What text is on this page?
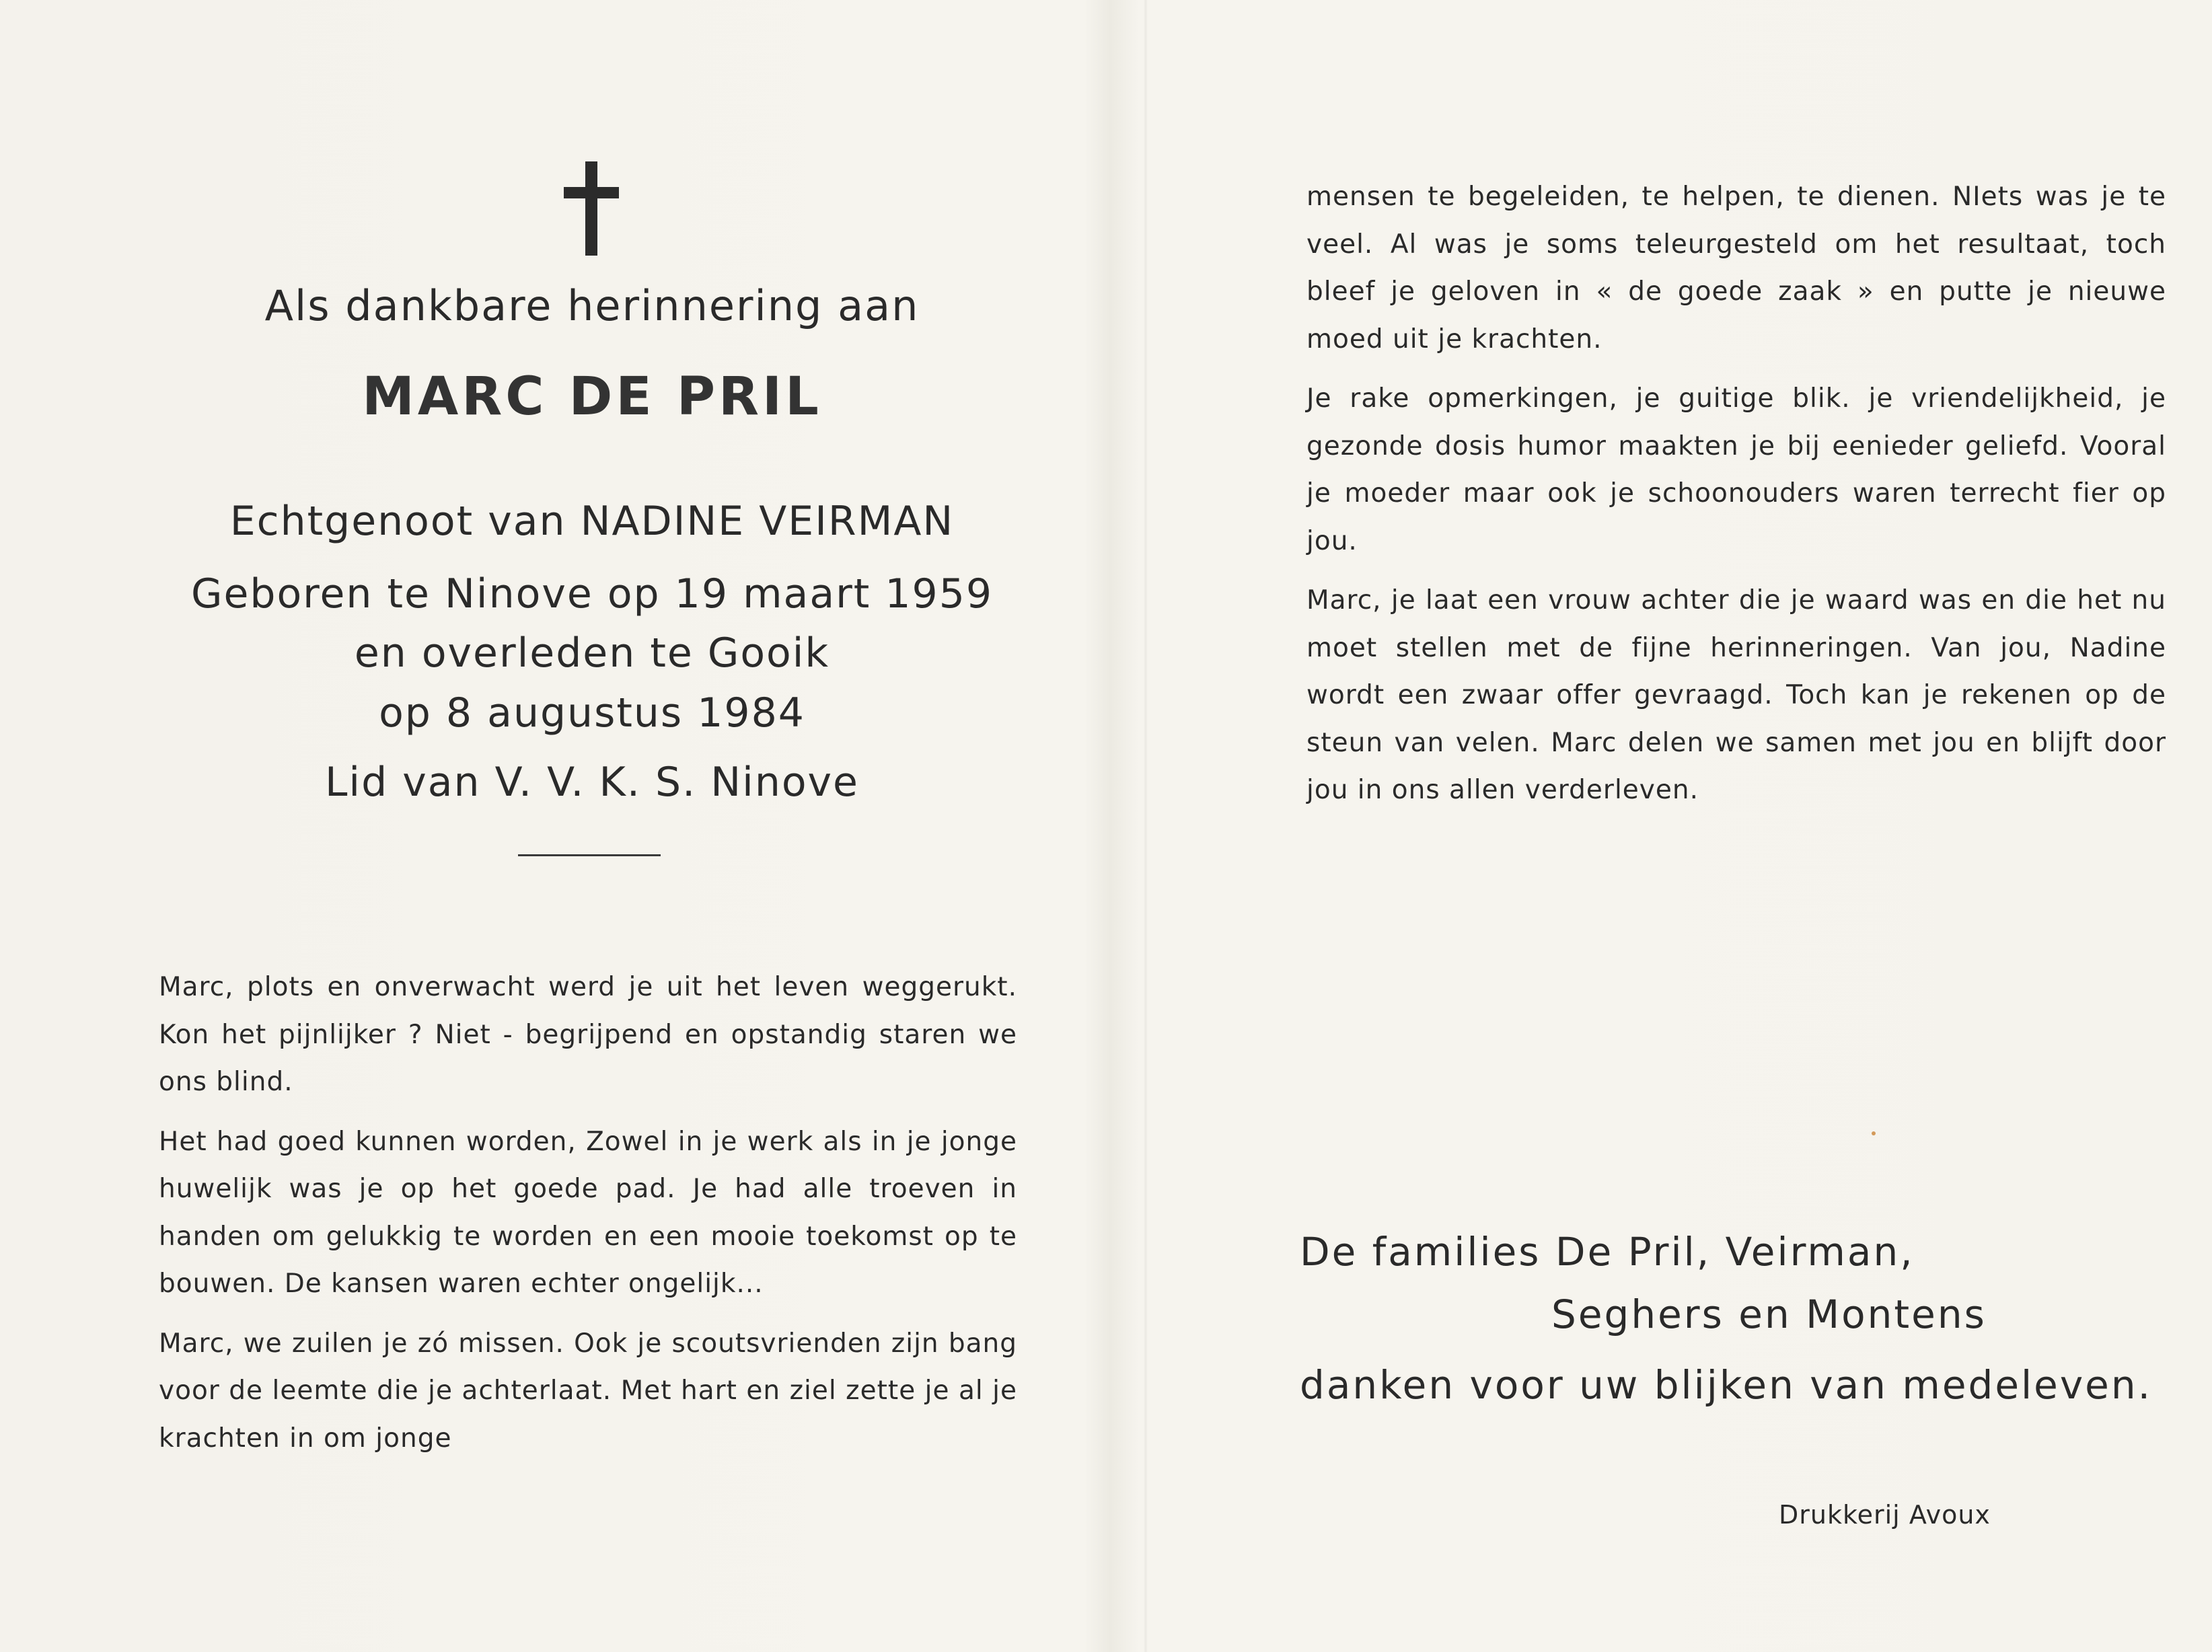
Als dankbare herinnering aan
MARC DE PRIL
Echtgenoot van NADINE VEIRMAN
Geboren te Ninove op 19 maart 1959
en overleden te Gooik
op 8 augustus 1984
Lid van V. V. K. S. Ninove

Marc, plots en onverwacht werd je uit het leven weggerukt. Kon het pijnlijker ? Niet - begrijpend en opstandig staren we ons blind.

Het had goed kunnen worden, Zowel in je werk als in je jonge huwelijk was je op het goede pad. Je had alle troeven in handen om gelukkig te worden en een mooie toekomst op te bouwen. De kansen waren echter ongelijk...

Marc, we zuilen je zó missen. Ook je scoutsvrienden zijn bang voor de leemte die je achterlaat. Met hart en ziel zette je al je krachten in om jonge

mensen te begeleiden, te helpen, te dienen. NIets was je te veel. Al was je soms teleurgesteld om het resultaat, toch bleef je geloven in « de goede zaak » en putte je nieuwe moed uit je krachten.

Je rake opmerkingen, je guitige blik. je vriendelijkheid, je gezonde dosis humor maakten je bij eenieder geliefd. Vooral je moeder maar ook je schoonouders waren terrecht fier op jou.

Marc, je laat een vrouw achter die je waard was en die het nu moet stellen met de fijne herinneringen. Van jou, Nadine wordt een zwaar offer gevraagd. Toch kan je rekenen op de steun van velen. Marc delen we samen met jou en blijft door jou in ons allen verderleven.

De families De Pril, Veirman,
Seghers en Montens
danken voor uw blijken van medeleven.
Drukkerij Avoux
